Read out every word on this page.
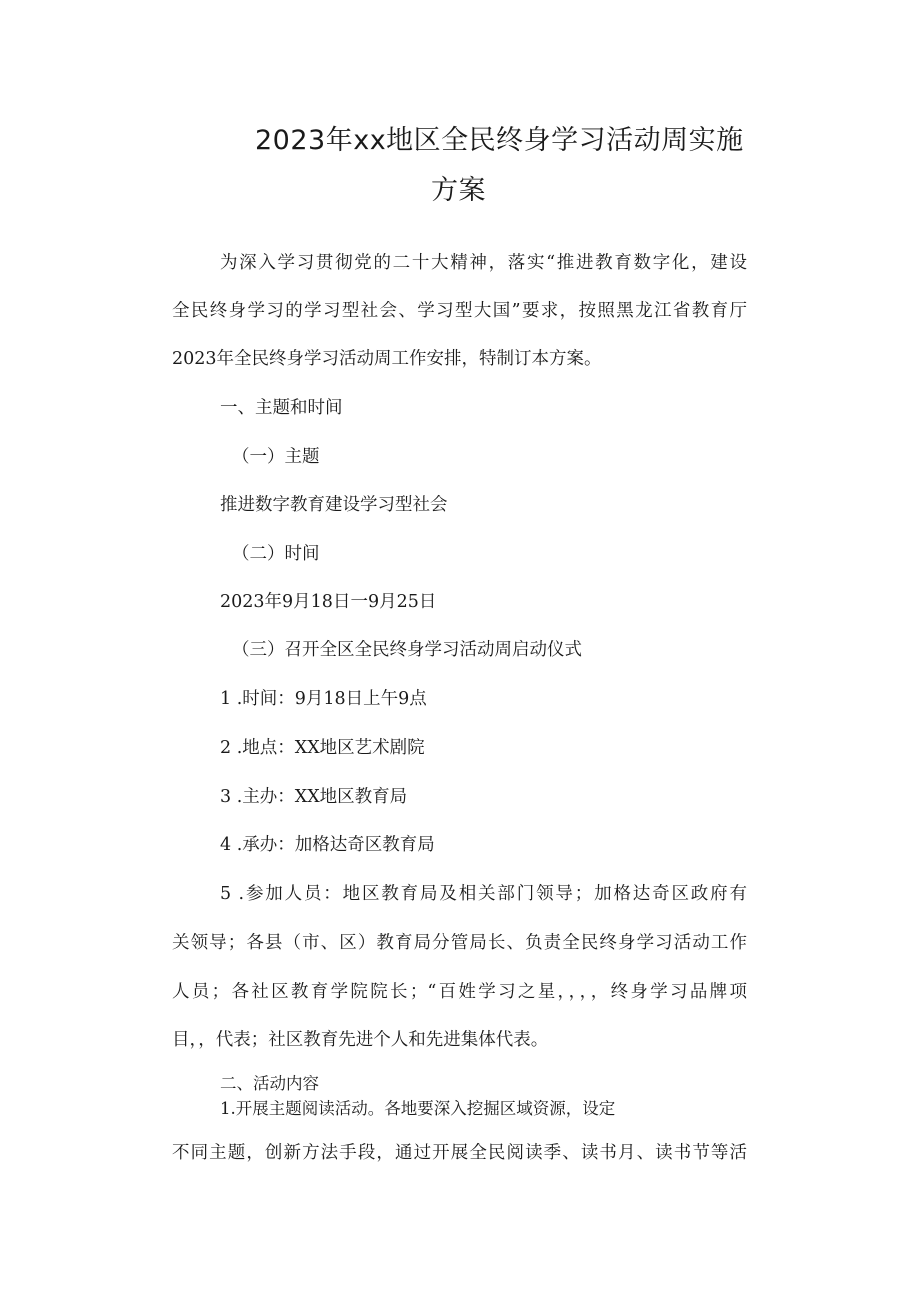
2023年xx地区全民终身学习活动周实施
方案
为深入学习贯彻党的二十大精神，落实“推进教育数字化，建设
全民终身学习的学习型社会、学习型大国”要求，按照黑龙江省教育厅
2023年全民终身学习活动周工作安排，特制订本方案。
一、主题和时间
（一）主题
推进数字教育建设学习型社会
（二）时间
2023年9月18日一9月25日
（三）召开全区全民终身学习活动周启动仪式
1 .时间：9月18日上午9点
2 .地点：XX地区艺术剧院
3 .主办：XX地区教育局
4 .承办：加格达奇区教育局
5 .参加人员：地区教育局及相关部门领导；加格达奇区政府有
关领导；各县（市、区）教育局分管局长、负责全民终身学习活动工作
人员；各社区教育学院院长；“百姓学习之星，，，，终身学习品牌项
目，，代表；社区教育先进个人和先进集体代表。
二、活动内容
1.开展主题阅读活动。各地要深入挖掘区域资源，设定
不同主题，创新方法手段，通过开展全民阅读季、读书月、读书节等活
